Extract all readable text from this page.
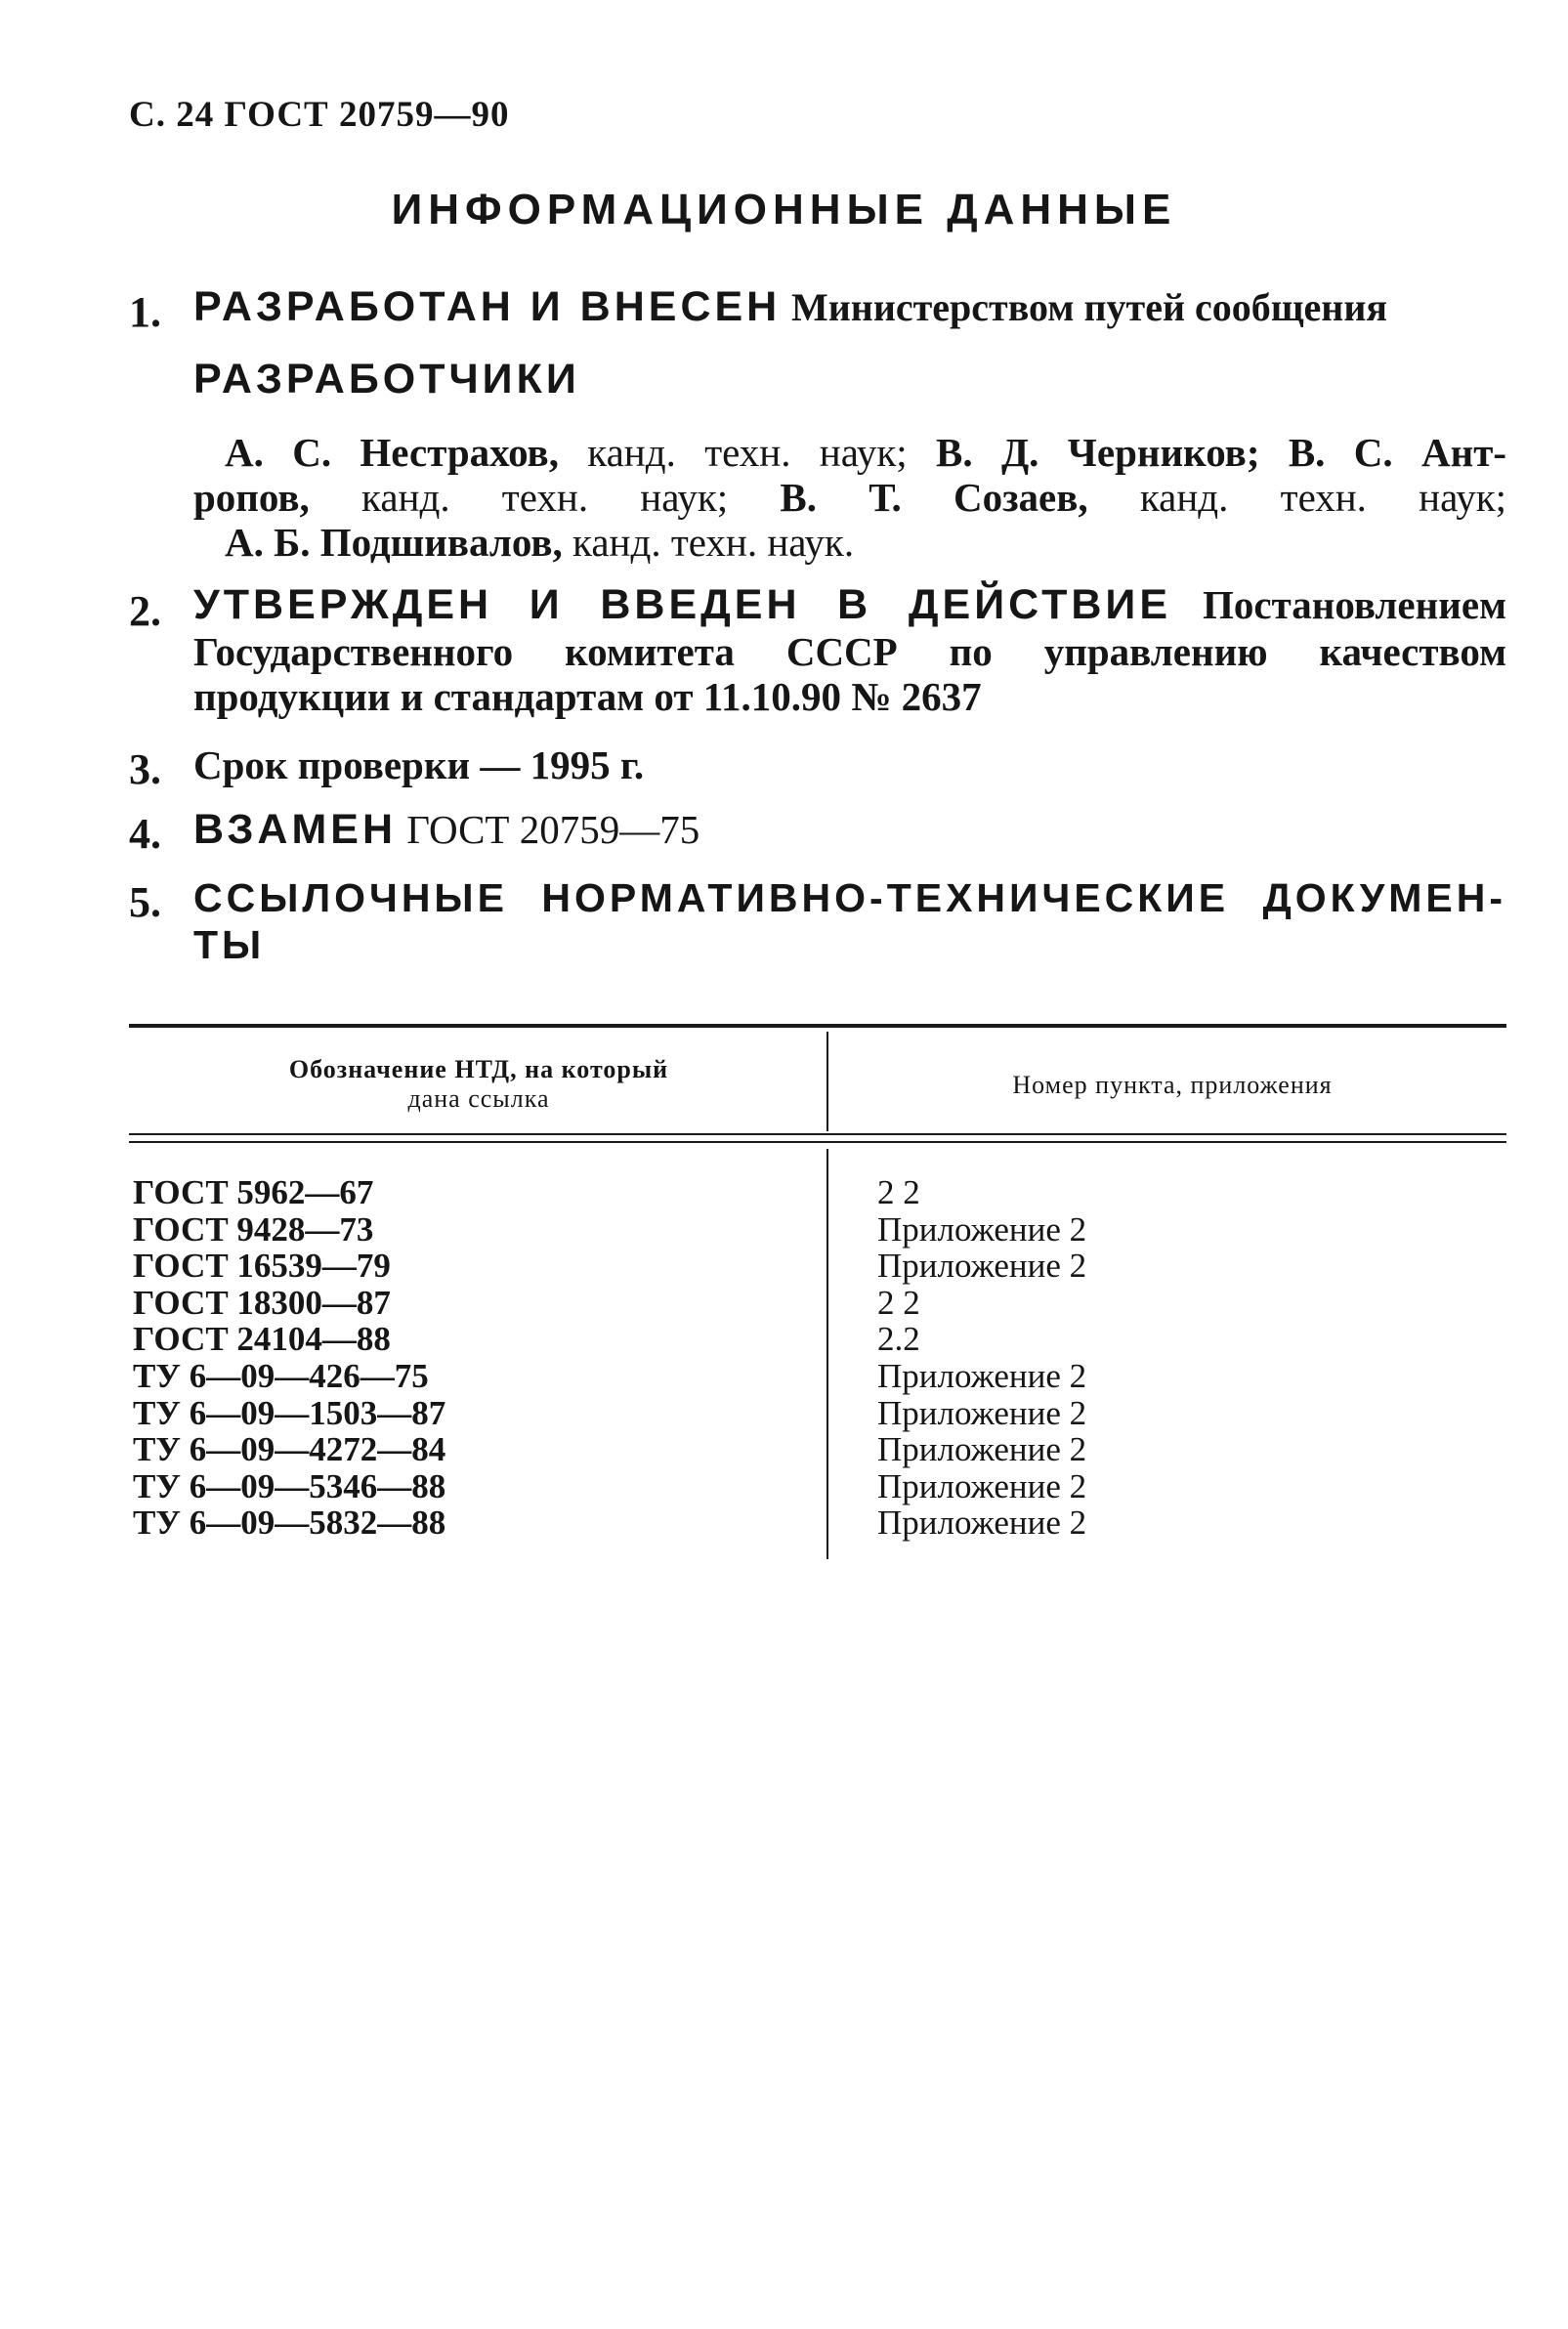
С. 24 ГОСТ 20759—90
ИНФОРМАЦИОННЫЕ ДАННЫЕ
1. РАЗРАБОТАН И ВНЕСЕН Министерством путей сообщения
РАЗРАБОТЧИКИ
А. С. Нестрахов, канд. техн. наук; В. Д. Черников; В. С. Ант-
ропов, канд. техн. наук; В. Т. Созаев, канд. техн. наук;
А. Б. Подшивалов, канд. техн. наук.
2. УТВЕРЖДЕН И ВВЕДЕН В ДЕЙСТВИЕ Постановлением
Государственного комитета СССР по управлению качеством
продукции и стандартам от 11.10.90 № 2637
3. Срок проверки — 1995 г.
4. ВЗАМЕН ГОСТ 20759—75
5. ССЫЛОЧНЫЕ НОРМАТИВНО-ТЕХНИЧЕСКИЕ ДОКУМЕН-
ТЫ
Обозначение НТД, на который
дана ссылка	Номер пункта, приложения
ГОСТ 5962—67	2 2
ГОСТ 9428—73	Приложение 2
ГОСТ 16539—79	Приложение 2
ГОСТ 18300—87	2 2
ГОСТ 24104—88	2.2
ТУ 6—09—426—75	Приложение 2
ТУ 6—09—1503—87	Приложение 2
ТУ 6—09—4272—84	Приложение 2
ТУ 6—09—5346—88	Приложение 2
ТУ 6—09—5832—88	Приложение 2
